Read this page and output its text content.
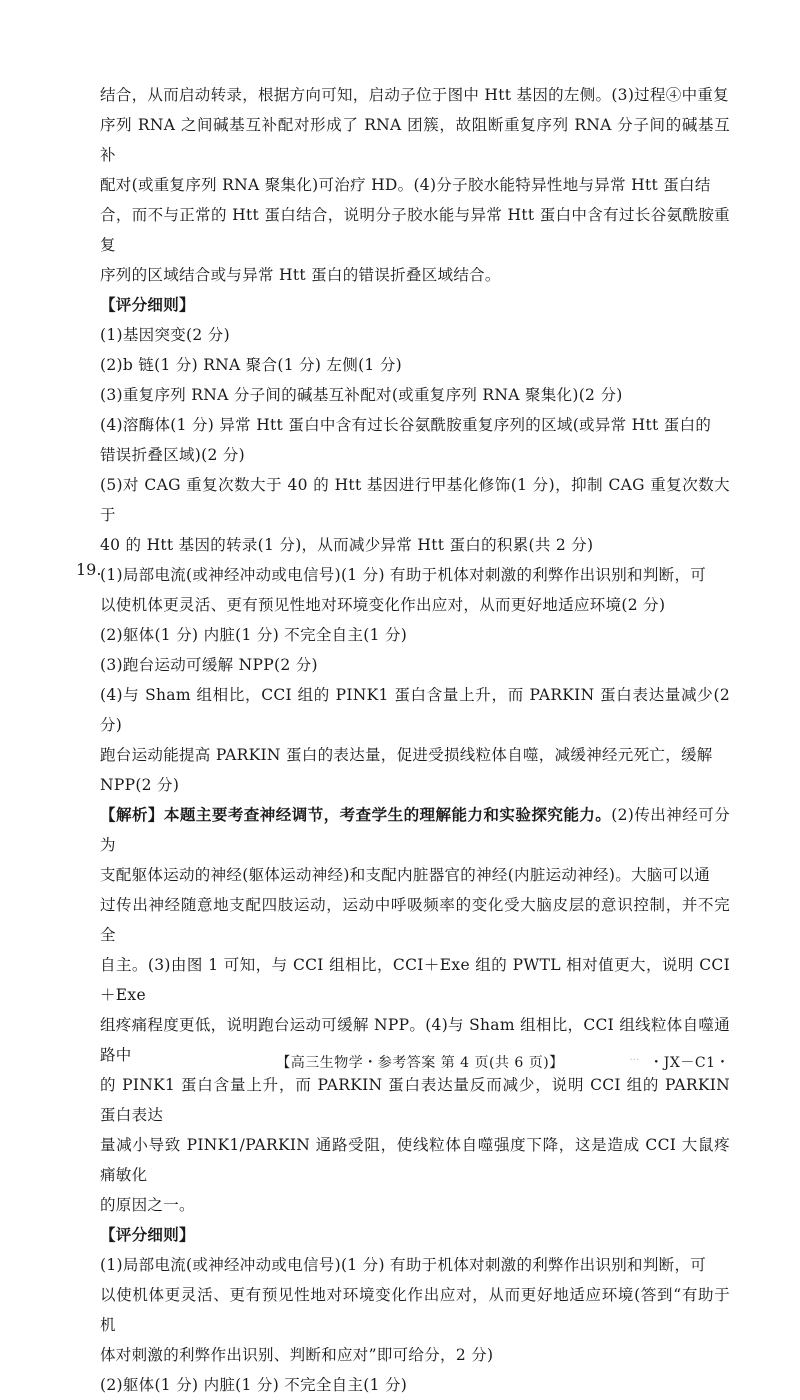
结合，从而启动转录，根据方向可知，启动子位于图中 Htt 基因的左侧。(3)过程④中重复

序列 RNA 之间碱基互补配对形成了 RNA 团簇，故阻断重复序列 RNA 分子间的碱基互补

配对(或重复序列 RNA 聚集化)可治疗 HD。(4)分子胶水能特异性地与异常 Htt 蛋白结

合，而不与正常的 Htt 蛋白结合，说明分子胶水能与异常 Htt 蛋白中含有过长谷氨酰胺重复

序列的区域结合或与异常 Htt 蛋白的错误折叠区域结合。

【评分细则】

(1)基因突变(2 分)

(2)b 链(1 分) RNA 聚合(1 分) 左侧(1 分)

(3)重复序列 RNA 分子间的碱基互补配对(或重复序列 RNA 聚集化)(2 分)

(4)溶酶体(1 分) 异常 Htt 蛋白中含有过长谷氨酰胺重复序列的区域(或异常 Htt 蛋白的

错误折叠区域)(2 分)

(5)对 CAG 重复次数大于 40 的 Htt 基因进行甲基化修饰(1 分)，抑制 CAG 重复次数大于

40 的 Htt 基因的转录(1 分)，从而减少异常 Htt 蛋白的积累(共 2 分)

19.

(1)局部电流(或神经冲动或电信号)(1 分) 有助于机体对刺激的利弊作出识别和判断，可

以使机体更灵活、更有预见性地对环境变化作出应对，从而更好地适应环境(2 分)

(2)躯体(1 分) 内脏(1 分) 不完全自主(1 分)

(3)跑台运动可缓解 NPP(2 分)

(4)与 Sham 组相比，CCI 组的 PINK1 蛋白含量上升，而 PARKIN 蛋白表达量减少(2 分)

跑台运动能提高 PARKIN 蛋白的表达量，促进受损线粒体自噬，减缓神经元死亡，缓解

NPP(2 分)

【解析】本题主要考查神经调节，考查学生的理解能力和实验探究能力。(2)传出神经可分为

支配躯体运动的神经(躯体运动神经)和支配内脏器官的神经(内脏运动神经)。大脑可以通

过传出神经随意地支配四肢运动，运动中呼吸频率的变化受大脑皮层的意识控制，并不完全

自主。(3)由图 1 可知，与 CCI 组相比，CCI＋Exe 组的 PWTL 相对值更大，说明 CCI＋Exe

组疼痛程度更低，说明跑台运动可缓解 NPP。(4)与 Sham 组相比，CCI 组线粒体自噬通路中

的 PINK1 蛋白含量上升，而 PARKIN 蛋白表达量反而减少，说明 CCI 组的 PARKIN 蛋白表达

量减小导致 PINK1/PARKIN 通路受阻，使线粒体自噬强度下降，这是造成 CCI 大鼠疼痛敏化

的原因之一。

【评分细则】

(1)局部电流(或神经冲动或电信号)(1 分) 有助于机体对刺激的利弊作出识别和判断，可

以使机体更灵活、更有预见性地对环境变化作出应对，从而更好地适应环境(答到“有助于机

体对刺激的利弊作出识别、判断和应对”即可给分，2 分)

(2)躯体(1 分) 内脏(1 分) 不完全自主(1 分)

【高三生物学・参考答案 第 4 页(共 6 页)】	… ・JX－C1・
